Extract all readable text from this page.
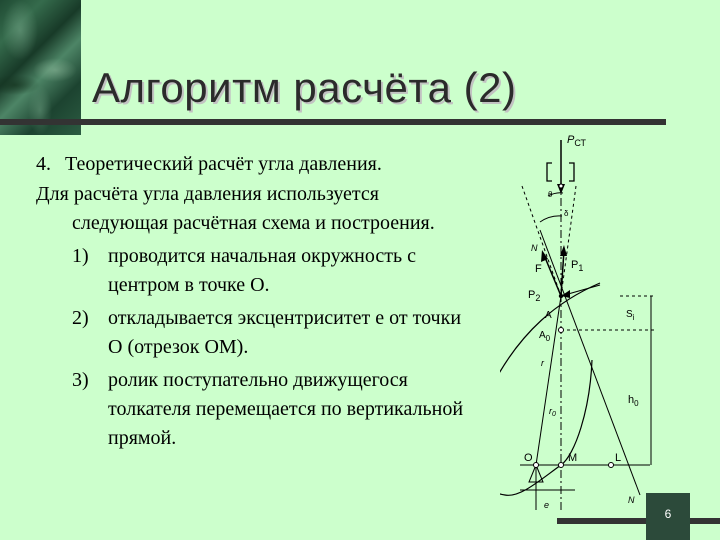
Алгоритм расчёта (2)
4. Теоретический расчёт угла давления.
Для расчёта угла давления используется
следующая расчётная схема и построения.
1) проводится начальная окружность с центром в точке О.
2) откладывается эксцентриситет е от точки О (отрезок ОМ).
3) ролик поступательно движущегося толкателя перемещается по вертикальной прямой.
$P_{СТ}$
θ
δ
N
F	$P_1$
$P_2$
A
$A_0$
$S_i$
r
$r_0$
$h_0$
O	M	L
e	N
6
